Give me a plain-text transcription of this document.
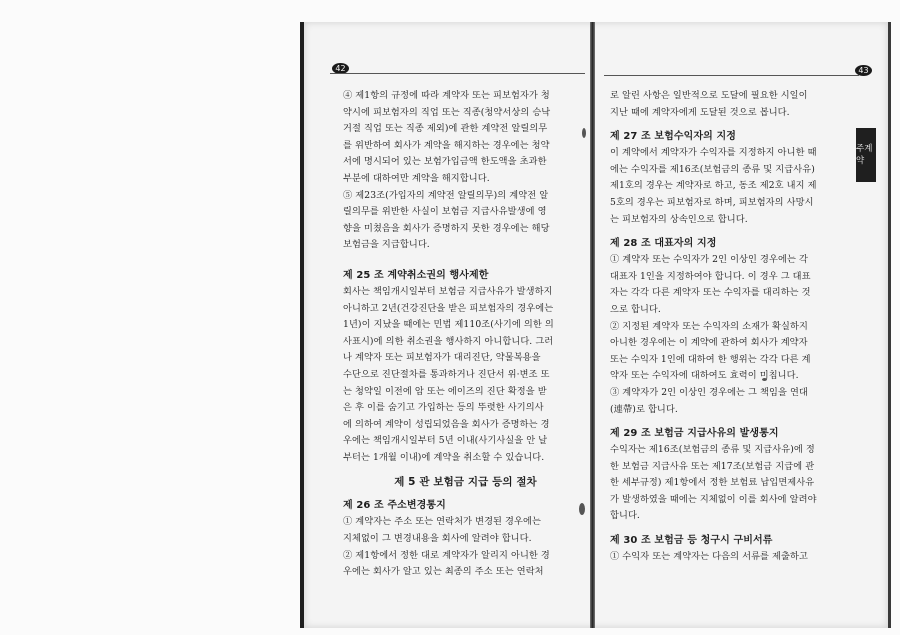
42	43
주계약

④ 제1항의 규정에 따라 계약자 또는 피보험자가 청

약시에 피보험자의 직업 또는 직종(청약서상의 승낙

거절 직업 또는 직종 제외)에 관한 계약전 알릴의무

를 위반하여 회사가 계약을 해지하는 경우에는 청약

서에 명시되어 있는 보험가입금액 한도액을 초과한

부분에 대하여만 계약을 해지합니다.

⑤ 제23조(가입자의 계약전 알릴의무)의 계약전 알

릴의무를 위반한 사실이 보험금 지급사유발생에 영

향을 미쳤음을 회사가 증명하지 못한 경우에는 해당

보험금을 지급합니다.

제 25 조 계약취소권의 행사제한

회사는 책임개시일부터 보험금 지급사유가 발생하지

아니하고 2년(건강진단을 받은 피보험자의 경우에는

1년)이 지났을 때에는 민법 제110조(사기에 의한 의

사표시)에 의한 취소권을 행사하지 아니합니다. 그러

나 계약자 또는 피보험자가 대리진단, 약물복용을

수단으로 진단절차를 통과하거나 진단서 위·변조 또

는 청약일 이전에 암 또는 에이즈의 진단 확정을 받

은 후 이를 숨기고 가입하는 등의 뚜렷한 사기의사

에 의하여 계약이 성립되었음을 회사가 증명하는 경

우에는 책임개시일부터 5년 이내(사기사실을 안 날

부터는 1개월 이내)에 계약을 취소할 수 있습니다.

제 5 관 보험금 지급 등의 절차

제 26 조 주소변경통지

① 계약자는 주소 또는 연락처가 변경된 경우에는

지체없이 그 변경내용을 회사에 알려야 합니다.

② 제1항에서 정한 대로 계약자가 알리지 아니한 경

우에는 회사가 알고 있는 최종의 주소 또는 연락처

로 알린 사항은 일반적으로 도달에 필요한 시일이

지난 때에 계약자에게 도달된 것으로 봅니다.

제 27 조 보험수익자의 지정

이 계약에서 계약자가 수익자를 지정하지 아니한 때

에는 수익자를 제16조(보험금의 종류 및 지급사유)

제1호의 경우는 계약자로 하고, 동조 제2호 내지 제

5호의 경우는 피보험자로 하며, 피보험자의 사망시

는 피보험자의 상속인으로 합니다.

제 28 조 대표자의 지정

① 계약자 또는 수익자가 2인 이상인 경우에는 각

대표자 1인을 지정하여야 합니다. 이 경우 그 대표

자는 각각 다른 계약자 또는 수익자를 대리하는 것

으로 합니다.

② 지정된 계약자 또는 수익자의 소재가 확실하지

아니한 경우에는 이 계약에 관하여 회사가 계약자

또는 수익자 1인에 대하여 한 행위는 각각 다른 계

약자 또는 수익자에 대하여도 효력이 미칩니다.

③ 계약자가 2인 이상인 경우에는 그 책임을 연대

(連帶)로 합니다.

제 29 조 보험금 지급사유의 발생통지

수익자는 제16조(보험금의 종류 및 지급사유)에 정

한 보험금 지급사유 또는 제17조(보험금 지급에 관

한 세부규정) 제1항에서 정한 보험료 납입면제사유

가 발생하였을 때에는 지체없이 이를 회사에 알려야

합니다.

제 30 조 보험금 등 청구시 구비서류

① 수익자 또는 계약자는 다음의 서류를 제출하고
